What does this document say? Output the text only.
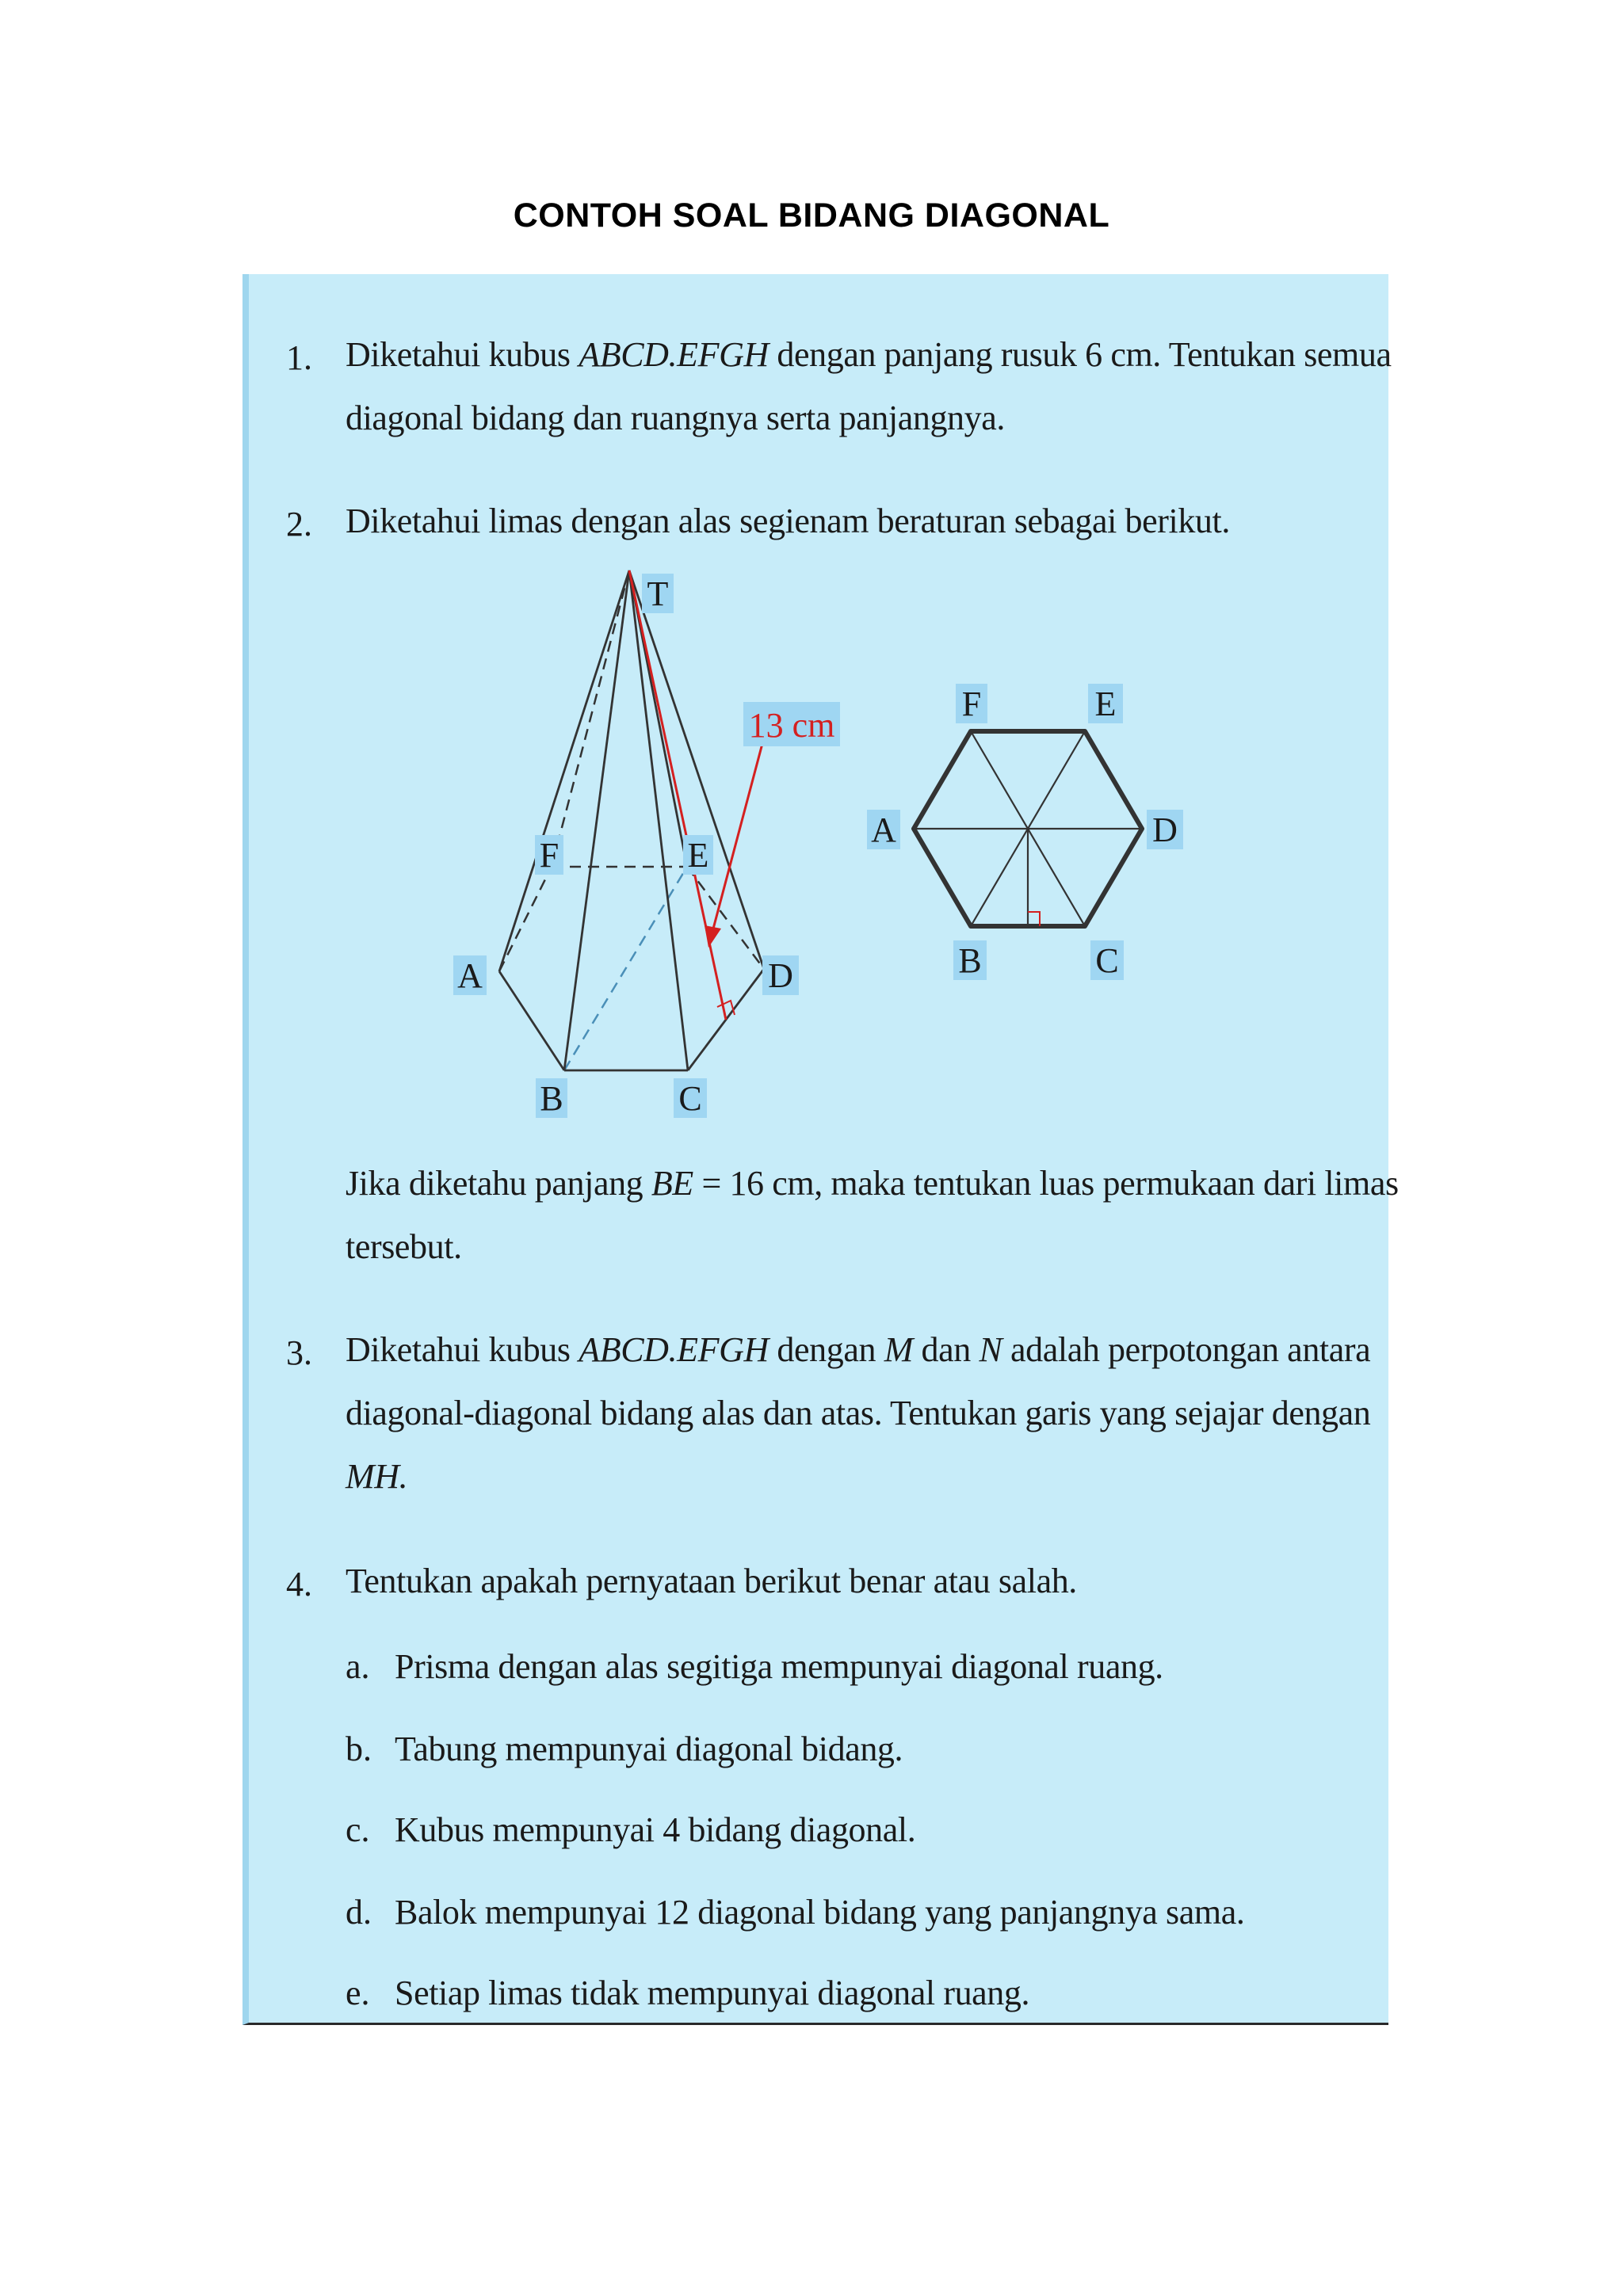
CONTOH SOAL BIDANG DIAGONAL
1. Diketahui kubus ABCD.EFGH dengan panjang rusuk 6 cm. Tentukan semua
diagonal bidang dan ruangnya serta panjangnya.
2. Diketahui limas dengan alas segienam beraturan sebagai berikut.
T
13 cm
F	E
A	D
B	C
F	E
A	D
B	C
Jika diketahu panjang BE = 16 cm, maka tentukan luas permukaan dari limas
tersebut.
3. Diketahui kubus ABCD.EFGH dengan M dan N adalah perpotongan antara
diagonal-diagonal bidang alas dan atas. Tentukan garis yang sejajar dengan
MH.
4. Tentukan apakah pernyataan berikut benar atau salah.
a. Prisma dengan alas segitiga mempunyai diagonal ruang.
b. Tabung mempunyai diagonal bidang.
c. Kubus mempunyai 4 bidang diagonal.
d. Balok mempunyai 12 diagonal bidang yang panjangnya sama.
e. Setiap limas tidak mempunyai diagonal ruang.
